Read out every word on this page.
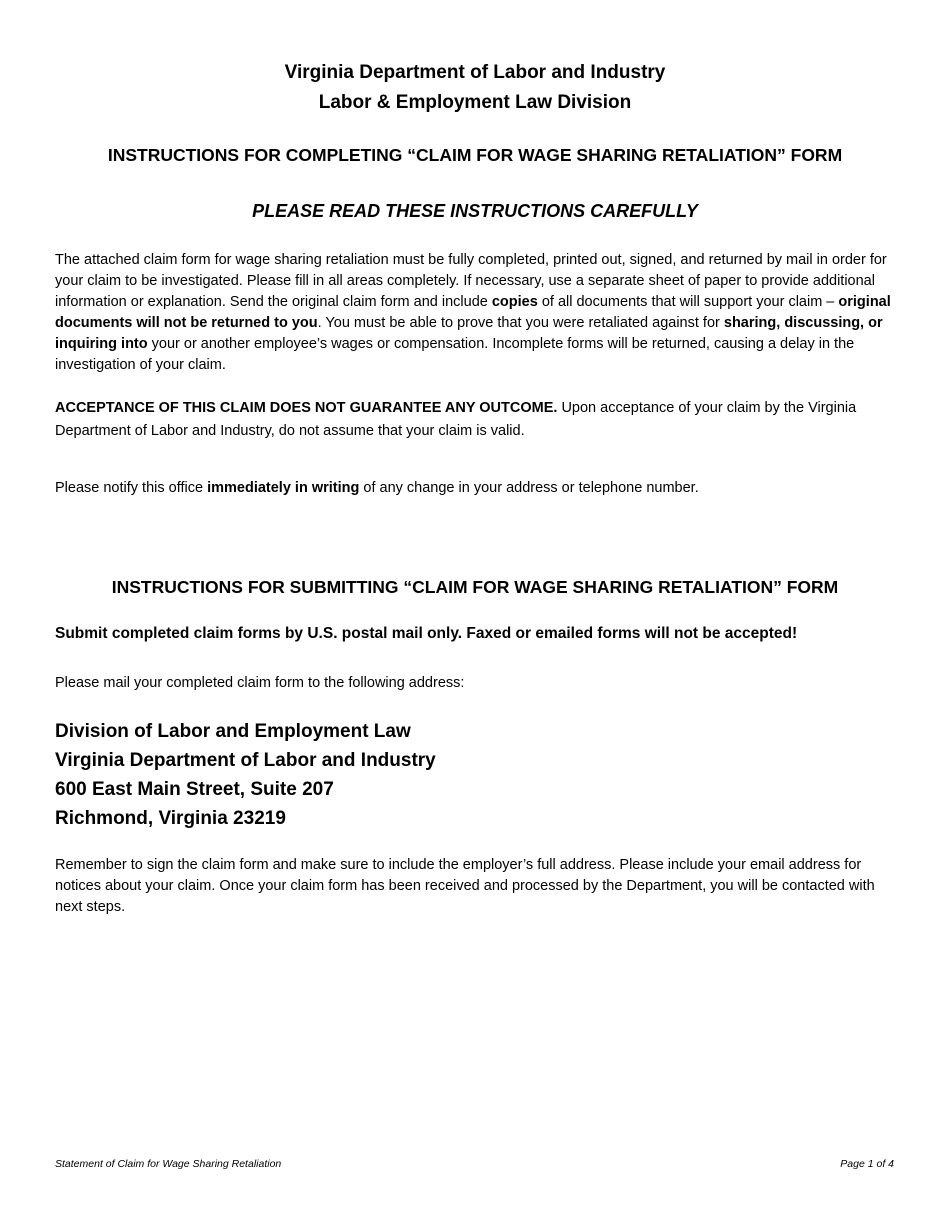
Virginia Department of Labor and Industry
Labor & Employment Law Division
INSTRUCTIONS FOR COMPLETING “CLAIM FOR WAGE SHARING RETALIATION” FORM
PLEASE READ THESE INSTRUCTIONS CAREFULLY
The attached claim form for wage sharing retaliation must be fully completed, printed out, signed, and returned by mail in order for your claim to be investigated. Please fill in all areas completely. If necessary, use a separate sheet of paper to provide additional information or explanation. Send the original claim form and include copies of all documents that will support your claim – original documents will not be returned to you. You must be able to prove that you were retaliated against for sharing, discussing, or inquiring into your or another employee’s wages or compensation. Incomplete forms will be returned, causing a delay in the investigation of your claim.
ACCEPTANCE OF THIS CLAIM DOES NOT GUARANTEE ANY OUTCOME. Upon acceptance of your claim by the Virginia Department of Labor and Industry, do not assume that your claim is valid.
Please notify this office immediately in writing of any change in your address or telephone number.
INSTRUCTIONS FOR SUBMITTING “CLAIM FOR WAGE SHARING RETALIATION” FORM
Submit completed claim forms by U.S. postal mail only. Faxed or emailed forms will not be accepted!
Please mail your completed claim form to the following address:
Division of Labor and Employment Law
Virginia Department of Labor and Industry
600 East Main Street, Suite 207
Richmond, Virginia 23219
Remember to sign the claim form and make sure to include the employer’s full address. Please include your email address for notices about your claim. Once your claim form has been received and processed by the Department, you will be contacted with next steps.
Statement of Claim for Wage Sharing Retaliation	Page 1 of 4
